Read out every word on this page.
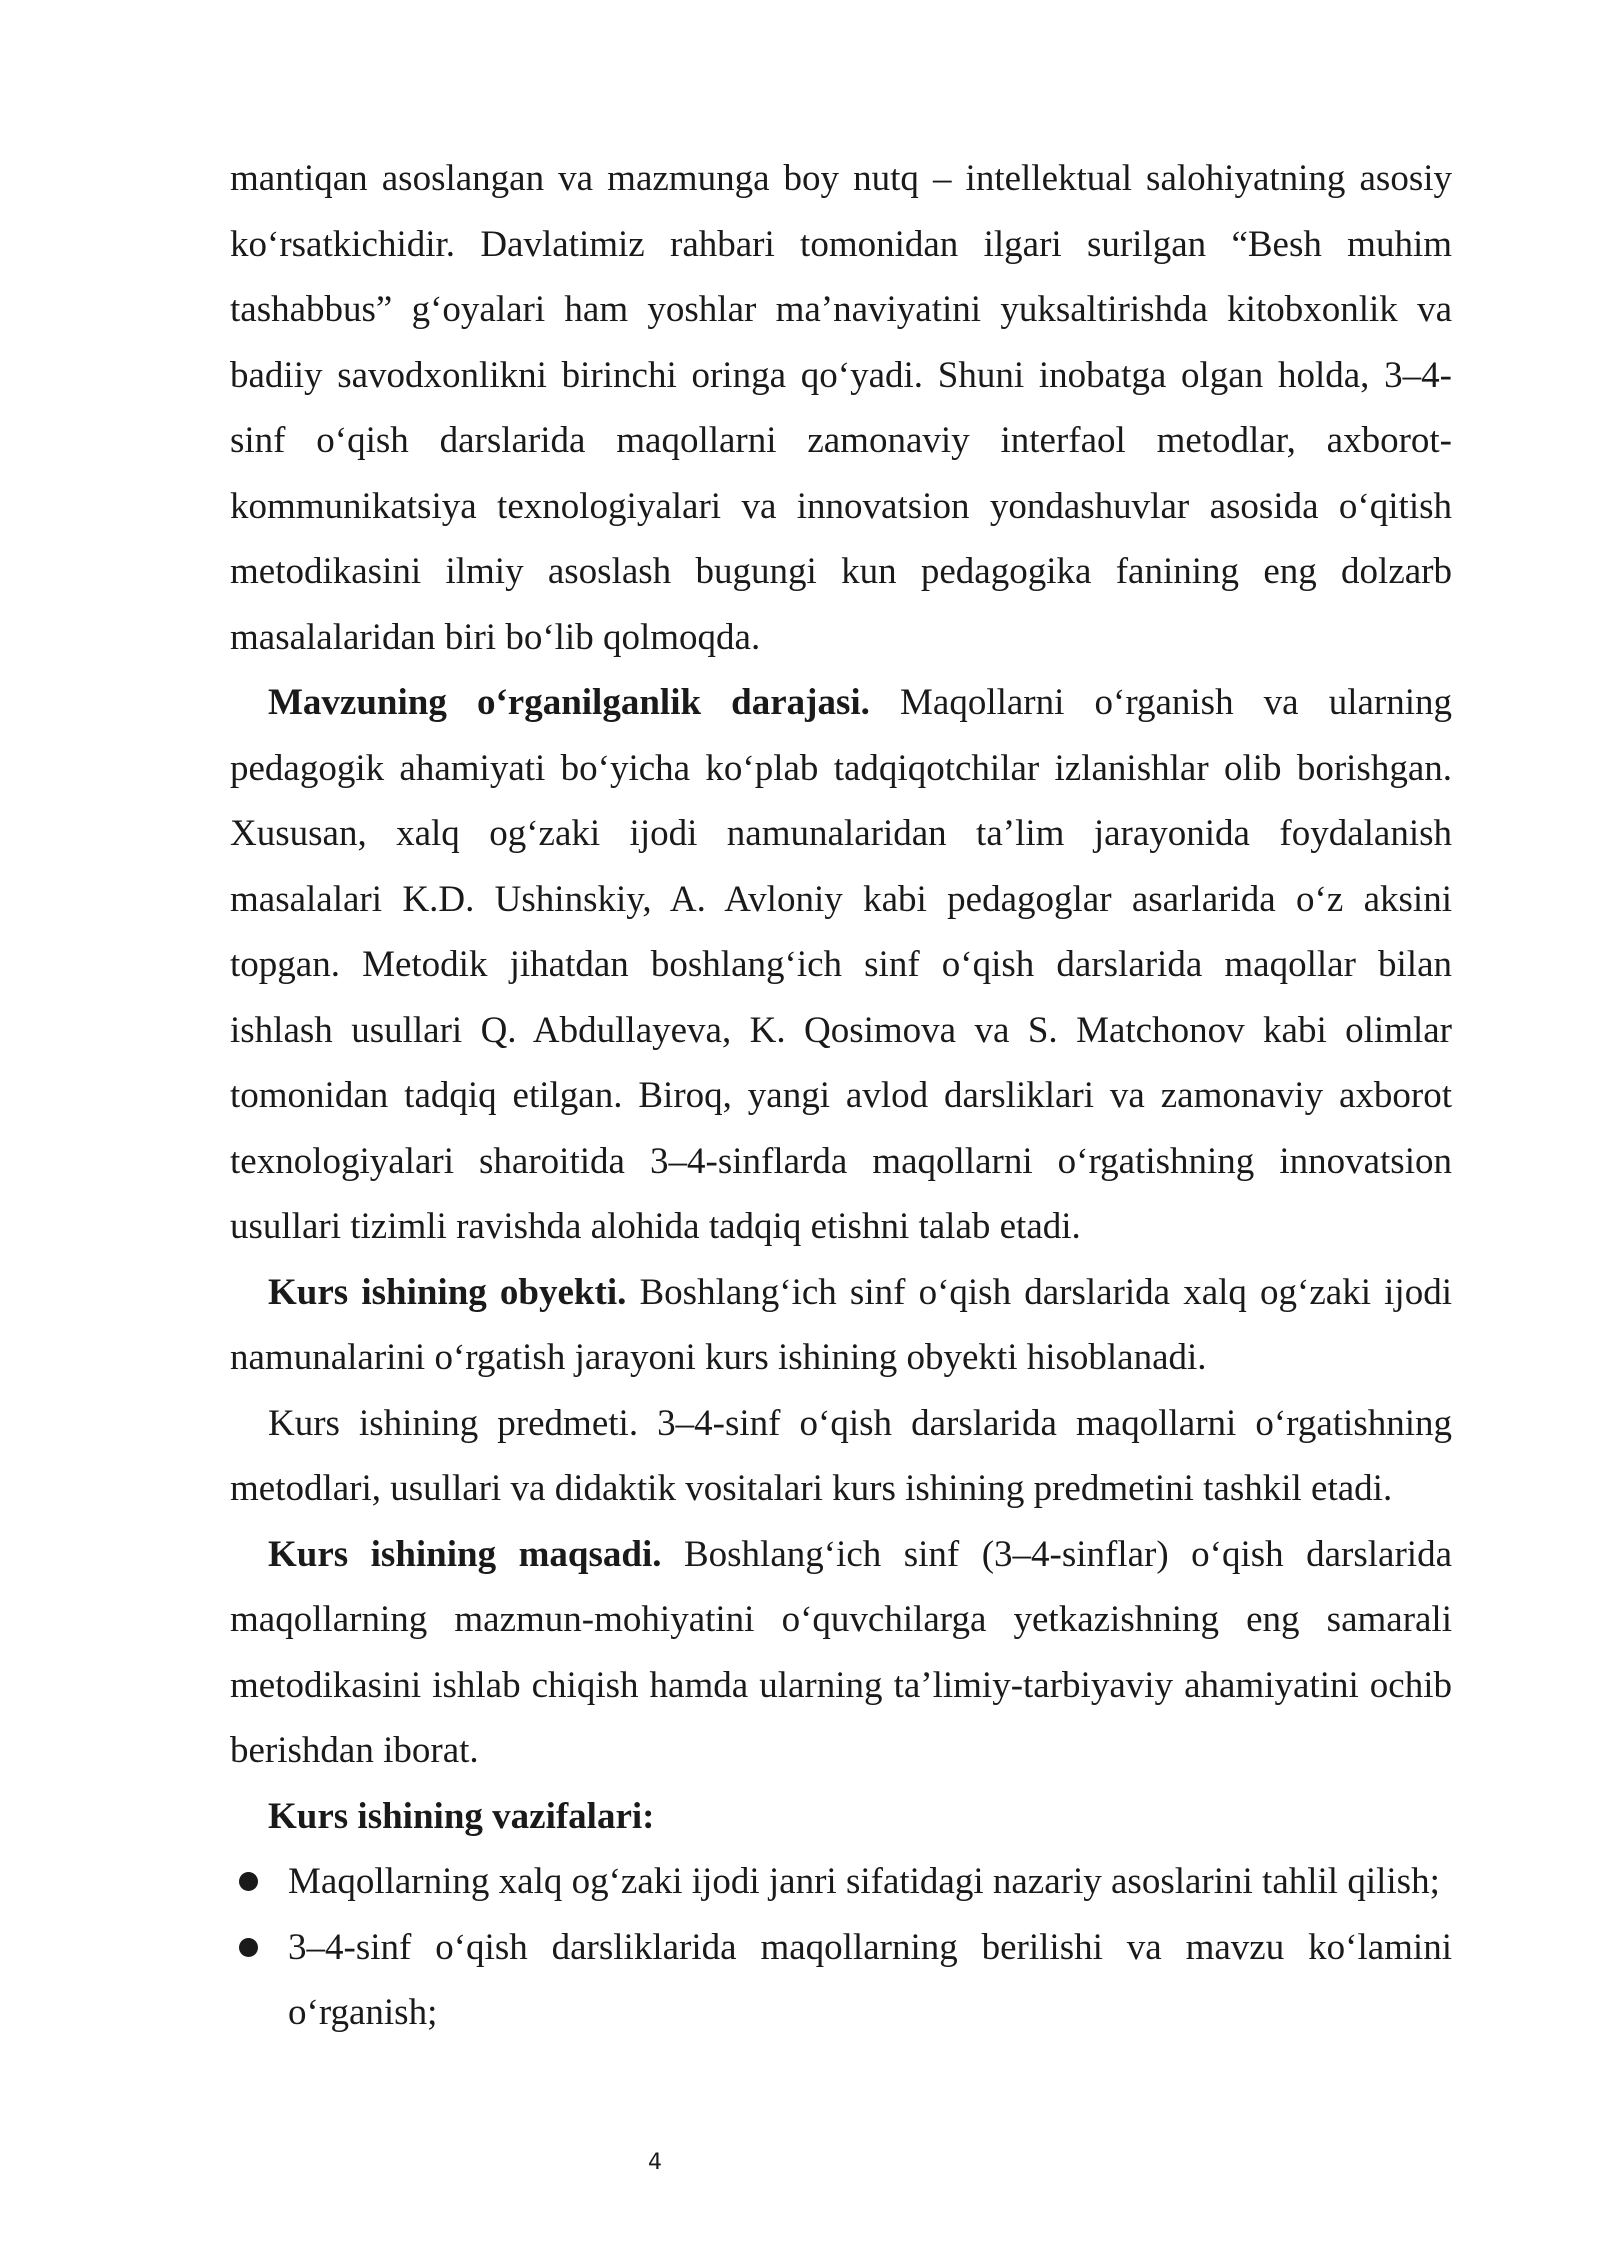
mantiqan asoslangan va mazmunga boy nutq – intellektual salohiyatning asosiy ko‘rsatkichidir. Davlatimiz rahbari tomonidan ilgari surilgan “Besh muhim tashabbus” g‘oyalari ham yoshlar ma’naviyatini yuksaltirishda kitobxonlik va badiiy savodxonlikni birinchi oringa qo‘yadi. Shuni inobatga olgan holda, 3–4-sinf o‘qish darslarida maqollarni zamonaviy interfaol metodlar, axborot-kommunikatsiya texnologiyalari va innovatsion yondashuvlar asosida o‘qitish metodikasini ilmiy asoslash bugungi kun pedagogika fanining eng dolzarb masalalaridan biri bo‘lib qolmoqda.

Mavzuning o‘rganilganlik darajasi. Maqollarni o‘rganish va ularning pedagogik ahamiyati bo‘yicha ko‘plab tadqiqotchilar izlanishlar olib borishgan. Xususan, xalq og‘zaki ijodi namunalaridan ta’lim jarayonida foydalanish masalalari K.D. Ushinskiy, A. Avloniy kabi pedagoglar asarlarida o‘z aksini topgan. Metodik jihatdan boshlang‘ich sinf o‘qish darslarida maqollar bilan ishlash usullari Q. Abdullayeva, K. Qosimova va S. Matchonov kabi olimlar tomonidan tadqiq etilgan. Biroq, yangi avlod darsliklari va zamonaviy axborot texnologiyalari sharoitida 3–4-sinflarda maqollarni o‘rgatishning innovatsion usullari tizimli ravishda alohida tadqiq etishni talab etadi.

Kurs ishining obyekti. Boshlang‘ich sinf o‘qish darslarida xalq og‘zaki ijodi namunalarini o‘rgatish jarayoni kurs ishining obyekti hisoblanadi.

Kurs ishining predmeti. 3–4-sinf o‘qish darslarida maqollarni o‘rgatishning metodlari, usullari va didaktik vositalari kurs ishining predmetini tashkil etadi.

Kurs ishining maqsadi. Boshlang‘ich sinf (3–4-sinflar) o‘qish darslarida maqollarning mazmun-mohiyatini o‘quvchilarga yetkazishning eng samarali metodikasini ishlab chiqish hamda ularning ta’limiy-tarbiyaviy ahamiyatini ochib berishdan iborat.

Kurs ishining vazifalari:

Maqollarning xalq og‘zaki ijodi janri sifatidagi nazariy asoslarini tahlil qilish;
3–4-sinf o‘qish darsliklarida maqollarning berilishi va mavzu ko‘lamini o‘rganish;
4
